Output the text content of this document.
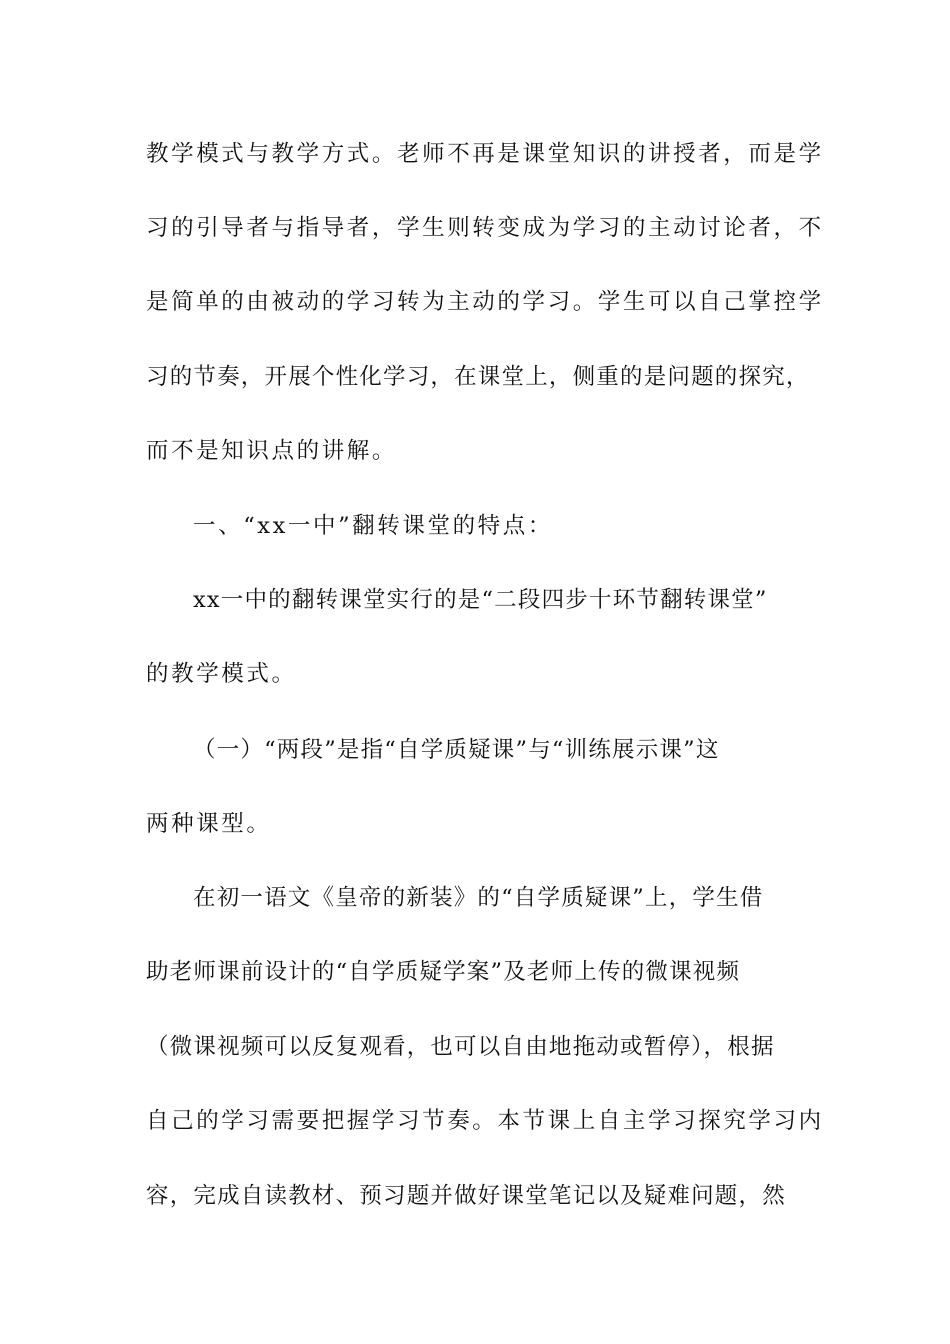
教学模式与教学方式。老师不再是课堂知识的讲授者，而是学
习的引导者与指导者，学生则转变成为学习的主动讨论者，不
是简单的由被动的学习转为主动的学习。学生可以自己掌控学
习的节奏，开展个性化学习，在课堂上，侧重的是问题的探究，
而不是知识点的讲解。
一、“xx一中”翻转课堂的特点：
xx一中的翻转课堂实行的是“二段四步十环节翻转课堂”
的教学模式。
（一）“两段”是指“自学质疑课”与“训练展示课”这
两种课型。
在初一语文《皇帝的新装》的“自学质疑课”上，学生借
助老师课前设计的“自学质疑学案”及老师上传的微课视频
（微课视频可以反复观看，也可以自由地拖动或暂停），根据
自己的学习需要把握学习节奏。本节课上自主学习探究学习内
容，完成自读教材、预习题并做好课堂笔记以及疑难问题，然
